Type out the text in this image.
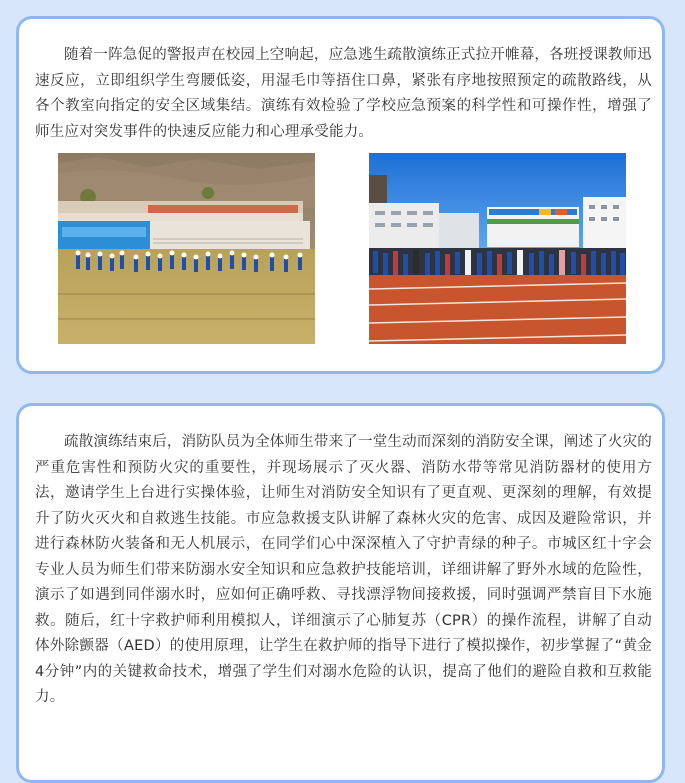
随着一阵急促的警报声在校园上空响起，应急逃生疏散演练正式拉开帷幕，各班授课教师迅速反应，立即组织学生弯腰低姿，用湿毛巾等捂住口鼻，紧张有序地按照预定的疏散路线，从各个教室向指定的安全区域集结。演练有效检验了学校应急预案的科学性和可操作性，增强了师生应对突发事件的快速反应能力和心理承受能力。

疏散演练结束后，消防队员为全体师生带来了一堂生动而深刻的消防安全课，阐述了火灾的严重危害性和预防火灾的重要性，并现场展示了灭火器、消防水带等常见消防器材的使用方法，邀请学生上台进行实操体验，让师生对消防安全知识有了更直观、更深刻的理解，有效提升了防火灭火和自救逃生技能。市应急救援支队讲解了森林火灾的危害、成因及避险常识，并进行森林防火装备和无人机展示，在同学们心中深深植入了守护青绿的种子。市城区红十字会专业人员为师生们带来防溺水安全知识和应急救护技能培训，详细讲解了野外水域的危险性，演示了如遇到同伴溺水时，应如何正确呼救、寻找漂浮物间接救援，同时强调严禁盲目下水施救。随后，红十字救护师利用模拟人，详细演示了心肺复苏（CPR）的操作流程，讲解了自动体外除颤器（AED）的使用原理，让学生在救护师的指导下进行了模拟操作，初步掌握了“黄金4分钟”内的关键救命技术，增强了学生们对溺水危险的认识，提高了他们的避险自救和互救能力。
